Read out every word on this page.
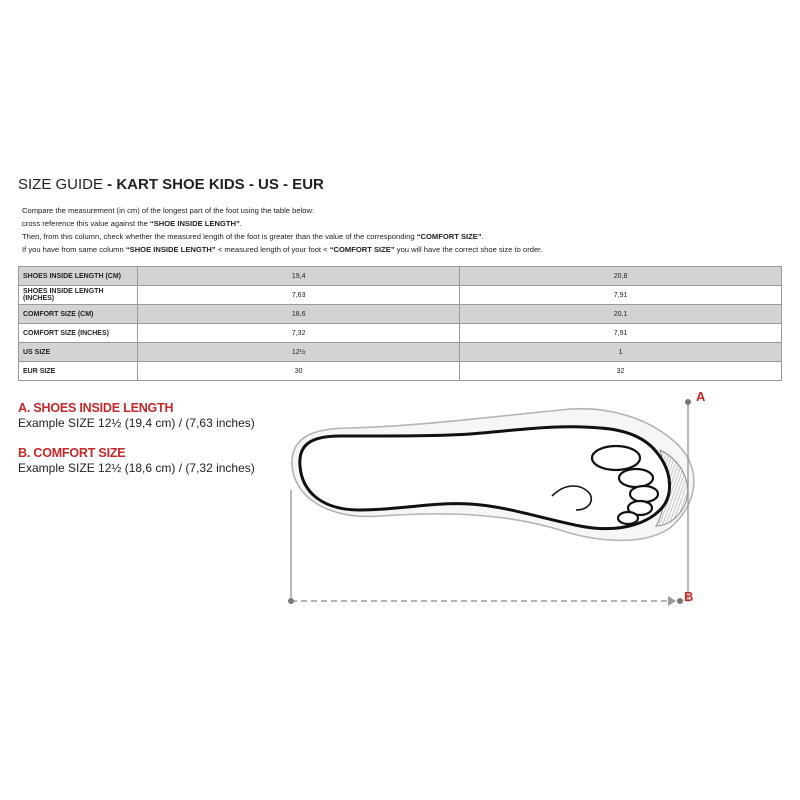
SIZE GUIDE - KART SHOE KIDS - US - EUR
Compare the measurement (in cm) of the longest part of the foot using the table below:
cross reference this value against the “SHOE INSIDE LENGTH”.
Then, from this column, check whether the measured length of the foot is greater than the value of the corresponding “COMFORT SIZE”.
If you have from same column “SHOE INSIDE LENGTH” < measured length of your foot < “COMFORT SIZE” you will have the correct shoe size to order.
SHOES INSIDE LENGTH (CM)	19,4	20,8
SHOES INSIDE LENGTH (INCHES)	7,63	7,91
COMFORT SIZE (CM)	18,6	20,1
COMFORT SIZE (INCHES)	7,32	7,91
US SIZE	12½	1
EUR SIZE	30	32
A. SHOES INSIDE LENGTH
Example SIZE 12½ (19,4 cm) / (7,63 inches)
B. COMFORT SIZE
Example SIZE 12½ (18,6 cm) / (7,32 inches)
A
B
